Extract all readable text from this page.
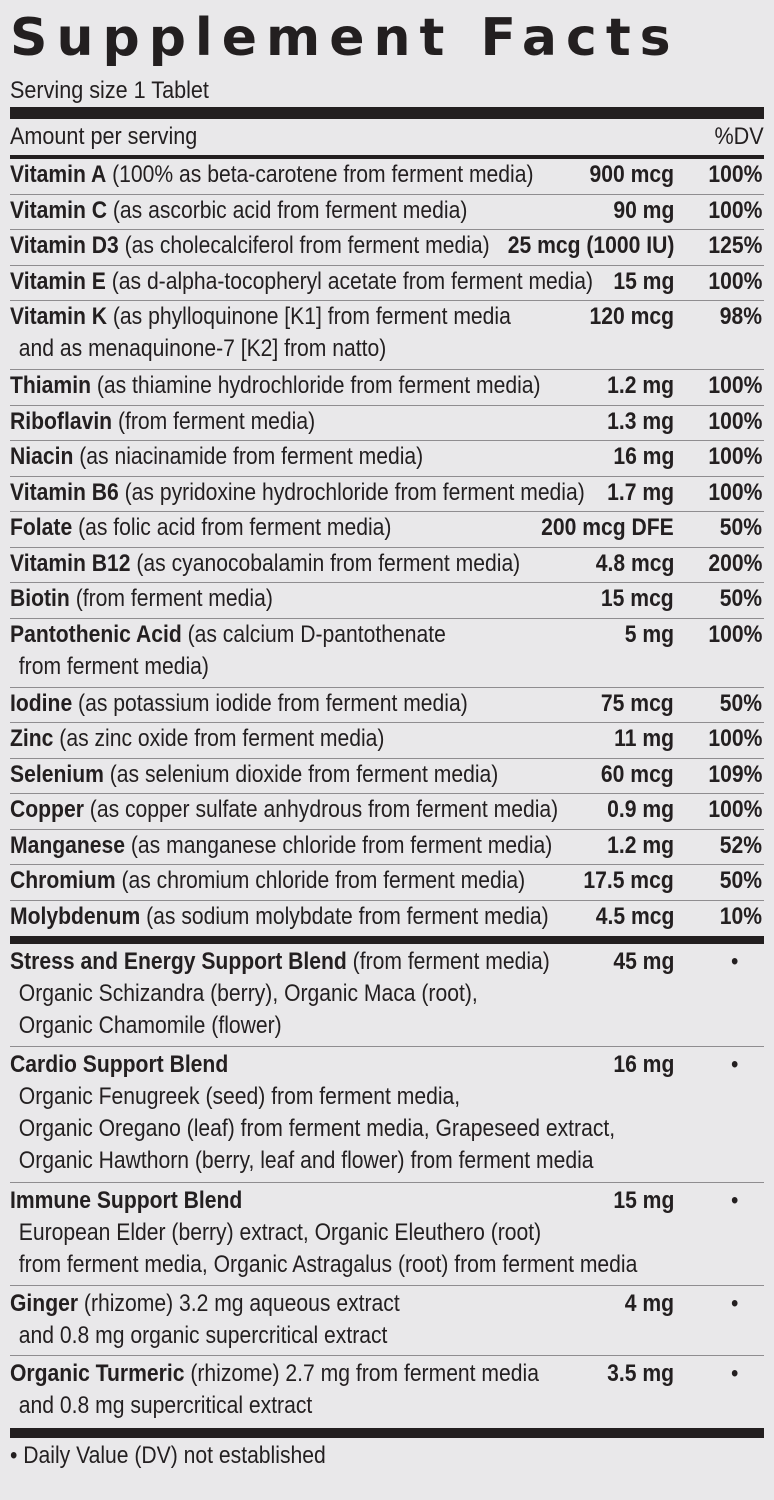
Supplement Facts
Serving size 1 Tablet
Amount per serving	%DV
Vitamin A (100% as beta-carotene from ferment media)	900 mcg 100%
Vitamin C (as ascorbic acid from ferment media)	90 mg 100%
Vitamin D3 (as cholecalciferol from ferment media) 25 mcg (1000 IU) 125%
Vitamin E (as d-alpha-tocopheryl acetate from ferment media) 15 mg 100%
Vitamin K (as phylloquinone [K1] from ferment media
and as menaquinone-7 [K2] from natto)
120 mcg 98%
Thiamin (as thiamine hydrochloride from ferment media)	1.2 mg 100%
Riboflavin (from ferment media)	1.3 mg 100%
Niacin (as niacinamide from ferment media)	16 mg 100%
Vitamin B6 (as pyridoxine hydrochloride from ferment media) 1.7 mg 100%
Folate (as folic acid from ferment media)	200 mcg DFE 50%
Vitamin B12 (as cyanocobalamin from ferment media)	4.8 mcg 200%
Biotin (from ferment media)	15 mcg 50%
Pantothenic Acid (as calcium D-pantothenate
from ferment media)
5 mg 100%
Iodine (as potassium iodide from ferment media)	75 mcg 50%
Zinc (as zinc oxide from ferment media)	11 mg 100%
Selenium (as selenium dioxide from ferment media)	60 mcg 109%
Copper (as copper sulfate anhydrous from ferment media)	0.9 mg 100%
Manganese (as manganese chloride from ferment media)	1.2 mg 52%
Chromium (as chromium chloride from ferment media)	17.5 mcg 50%
Molybdenum (as sodium molybdate from ferment media)	4.5 mcg 10%
Stress and Energy Support Blend (from ferment media)
Organic Schizandra (berry), Organic Maca (root),
Organic Chamomile (flower)
45 mg •
Cardio Support Blend
Organic Fenugreek (seed) from ferment media,
Organic Oregano (leaf) from ferment media, Grapeseed extract,
Organic Hawthorn (berry, leaf and flower) from ferment media
16 mg •
Immune Support Blend
European Elder (berry) extract, Organic Eleuthero (root)
from ferment media, Organic Astragalus (root) from ferment media
15 mg •
Ginger (rhizome) 3.2 mg aqueous extract
and 0.8 mg organic supercritical extract
4 mg •
Organic Turmeric (rhizome) 2.7 mg from ferment media
and 0.8 mg supercritical extract
3.5 mg •
• Daily Value (DV) not established
